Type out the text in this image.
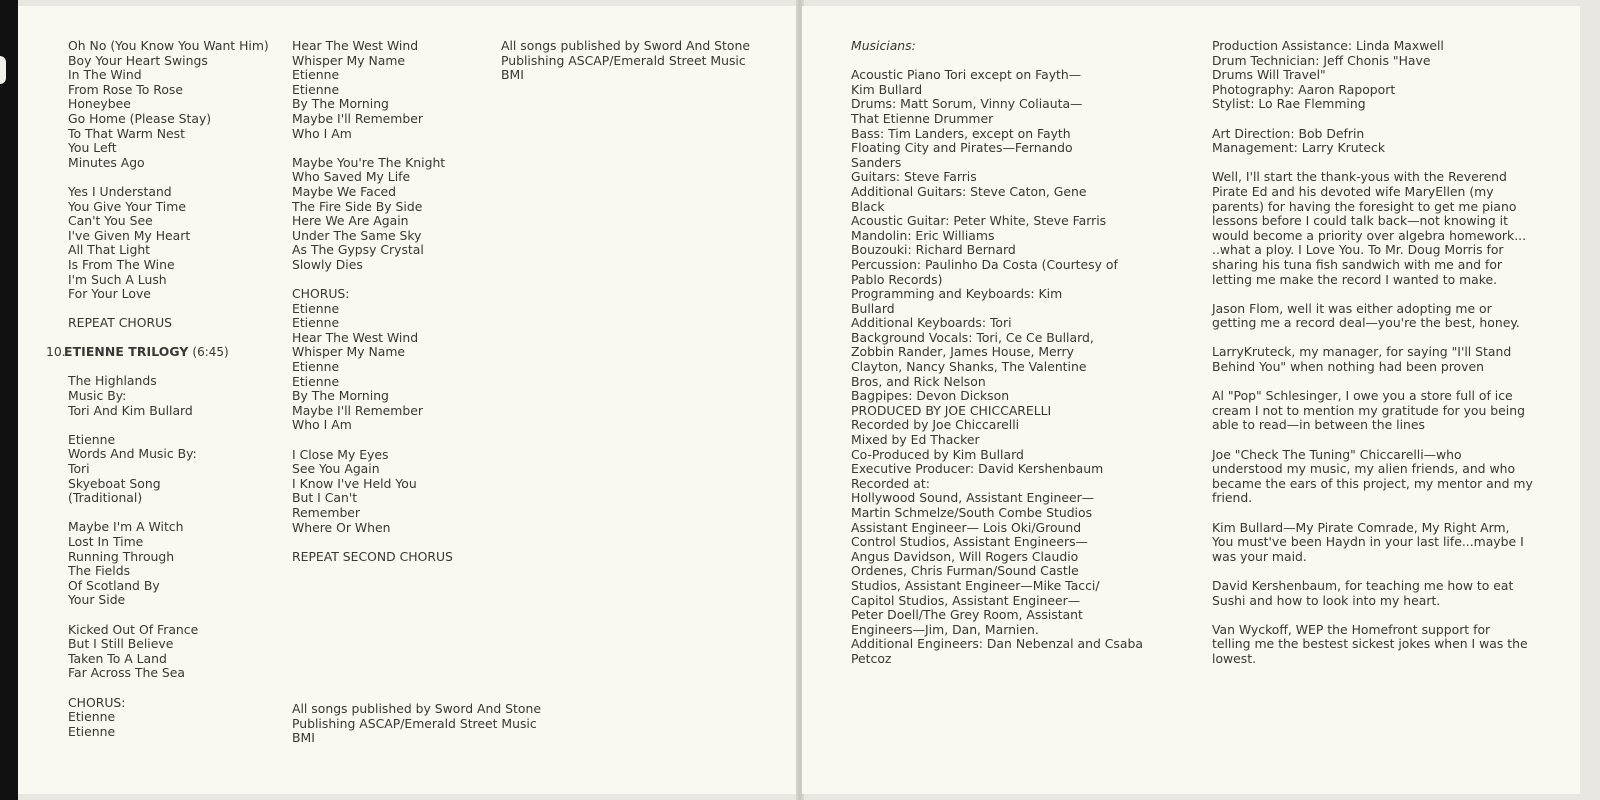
Oh No (You Know You Want Him)
Boy Your Heart Swings
In The Wind
From Rose To Rose
Honeybee
Go Home (Please Stay)
To That Warm Nest
You Left
Minutes Ago
Yes I Understand
You Give Your Time
Can't You See
I've Given My Heart
All That Light
Is From The Wine
I'm Such A Lush
For Your Love
REPEAT CHORUS
10.ETIENNE TRILOGY (6:45)
The Highlands
Music By:
Tori And Kim Bullard
Etienne
Words And Music By:
Tori
Skyeboat Song
(Traditional)
Maybe I'm A Witch
Lost In Time
Running Through
The Fields
Of Scotland By
Your Side
Kicked Out Of France
But I Still Believe
Taken To A Land
Far Across The Sea
CHORUS:
Etienne
Etienne
Hear The West Wind
Whisper My Name
Etienne
Etienne
By The Morning
Maybe I'll Remember
Who I Am
Maybe You're The Knight
Who Saved My Life
Maybe We Faced
The Fire Side By Side
Here We Are Again
Under The Same Sky
As The Gypsy Crystal
Slowly Dies
CHORUS:
Etienne
Etienne
Hear The West Wind
Whisper My Name
Etienne
Etienne
By The Morning
Maybe I'll Remember
Who I Am
I Close My Eyes
See You Again
I Know I've Held You
But I Can't
Remember
Where Or When
REPEAT SECOND CHORUS
All songs published by Sword And Stone
Publishing ASCAP/Emerald Street Music
BMI
All songs published by Sword And Stone
Publishing ASCAP/Emerald Street Music
BMI
Musicians:
Acoustic Piano Tori except on Fayth—
Kim Bullard
Drums: Matt Sorum, Vinny Coliauta—
That Etienne Drummer
Bass: Tim Landers, except on Fayth
Floating City and Pirates—Fernando
Sanders
Guitars: Steve Farris
Additional Guitars: Steve Caton, Gene
Black
Acoustic Guitar: Peter White, Steve Farris
Mandolin: Eric Williams
Bouzouki: Richard Bernard
Percussion: Paulinho Da Costa (Courtesy of
Pablo Records)
Programming and Keyboards: Kim
Bullard
Additional Keyboards: Tori
Background Vocals: Tori, Ce Ce Bullard,
Zobbin Rander, James House, Merry
Clayton, Nancy Shanks, The Valentine
Bros, and Rick Nelson
Bagpipes: Devon Dickson
PRODUCED BY JOE CHICCARELLI
Recorded by Joe Chiccarelli
Mixed by Ed Thacker
Co-Produced by Kim Bullard
Executive Producer: David Kershenbaum
Recorded at:
Hollywood Sound, Assistant Engineer—
Martin Schmelze/South Combe Studios
Assistant Engineer— Lois Oki/Ground
Control Studios, Assistant Engineers—
Angus Davidson, Will Rogers Claudio
Ordenes, Chris Furman/Sound Castle
Studios, Assistant Engineer—Mike Tacci/
Capitol Studios, Assistant Engineer—
Peter Doell/The Grey Room, Assistant
Engineers—Jim, Dan, Marnien.
Additional Engineers: Dan Nebenzal and Csaba
Petcoz
Production Assistance: Linda Maxwell
Drum Technician: Jeff Chonis "Have
Drums Will Travel"
Photography: Aaron Rapoport
Stylist: Lo Rae Flemming
Art Direction: Bob Defrin
Management: Larry Kruteck
Well, I'll start the thank-yous with the Reverend
Pirate Ed and his devoted wife MaryEllen (my
parents) for having the foresight to get me piano
lessons before I could talk back—not knowing it
would become a priority over algebra homework...
..what a ploy. I Love You. To Mr. Doug Morris for
sharing his tuna fish sandwich with me and for
letting me make the record I wanted to make.
Jason Flom, well it was either adopting me or
getting me a record deal—you're the best, honey.
LarryKruteck, my manager, for saying "I'll Stand
Behind You" when nothing had been proven
Al "Pop" Schlesinger, I owe you a store full of ice
cream I not to mention my gratitude for you being
able to read—in between the lines
Joe "Check The Tuning" Chiccarelli—who
understood my music, my alien friends, and who
became the ears of this project, my mentor and my
friend.
Kim Bullard—My Pirate Comrade, My Right Arm,
You must've been Haydn in your last life...maybe I
was your maid.
David Kershenbaum, for teaching me how to eat
Sushi and how to look into my heart.
Van Wyckoff, WEP the Homefront support for
telling me the bestest sickest jokes when I was the
lowest.
